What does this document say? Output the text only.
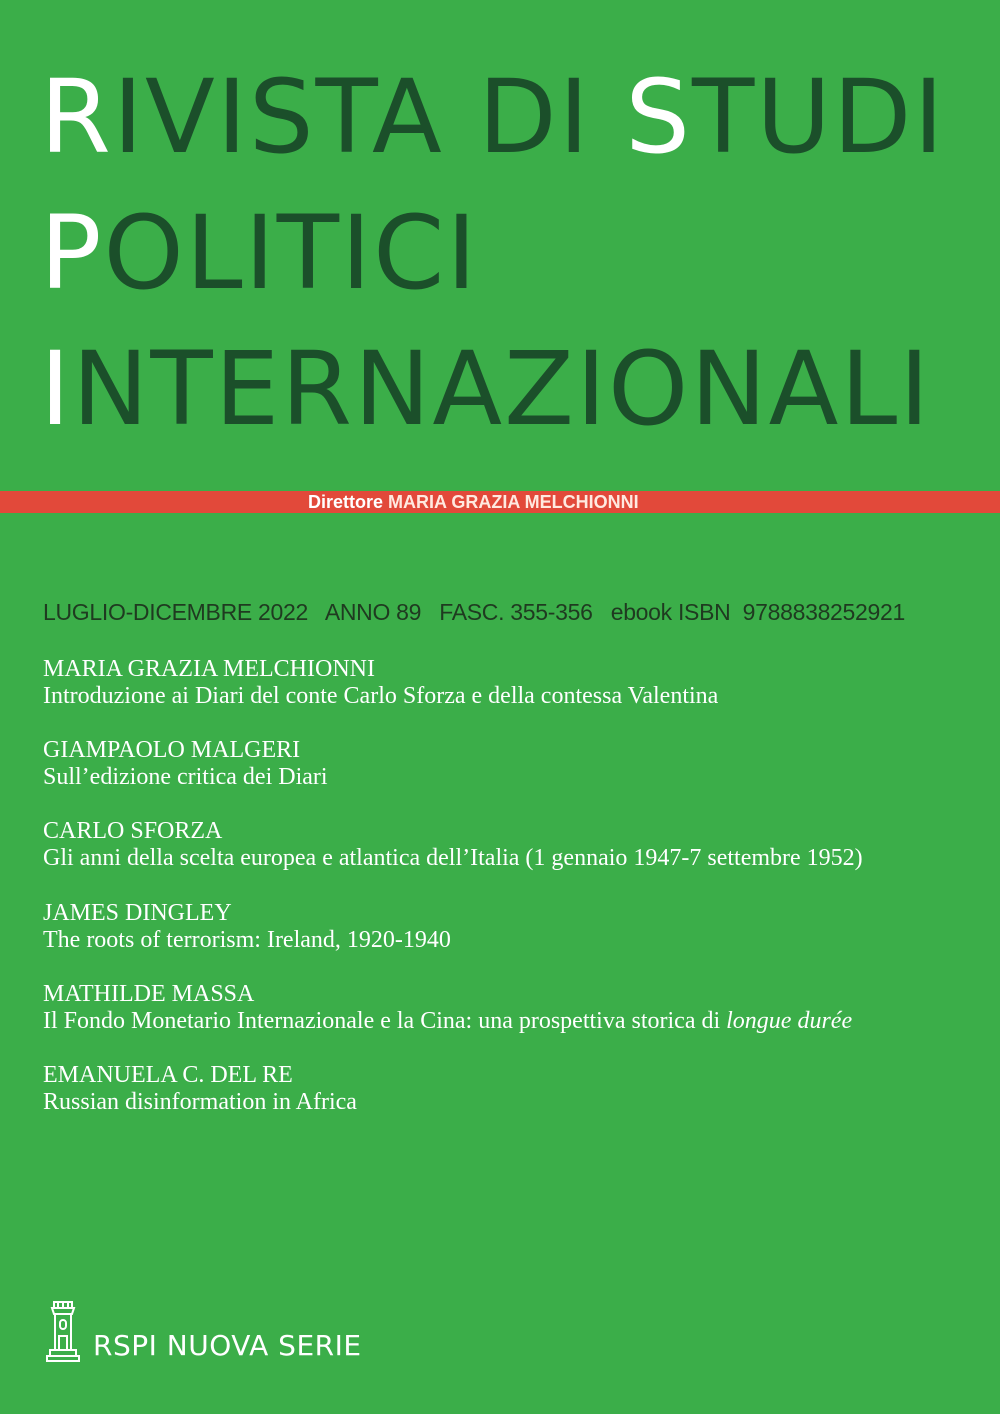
RIVISTA DI STUDI
POLITICI
INTERNAZIONALI
Direttore MARIA GRAZIA MELCHIONNI
LUGLIO-DICEMBRE 2022 ANNO 89 FASC. 355-356 ebook ISBN  9788838252921
MARIA GRAZIA MELCHIONNI
Introduzione ai Diari del conte Carlo Sforza e della contessa Valentina
GIAMPAOLO MALGERI
Sull’edizione critica dei Diari
CARLO SFORZA
Gli anni della scelta europea e atlantica dell’Italia (1 gennaio 1947-7 settembre 1952)
JAMES DINGLEY
The roots of terrorism: Ireland, 1920-1940
MATHILDE MASSA
Il Fondo Monetario Internazionale e la Cina: una prospettiva storica di longue durée
EMANUELA C. DEL RE
Russian disinformation in Africa
RSPI NUOVA SERIE
